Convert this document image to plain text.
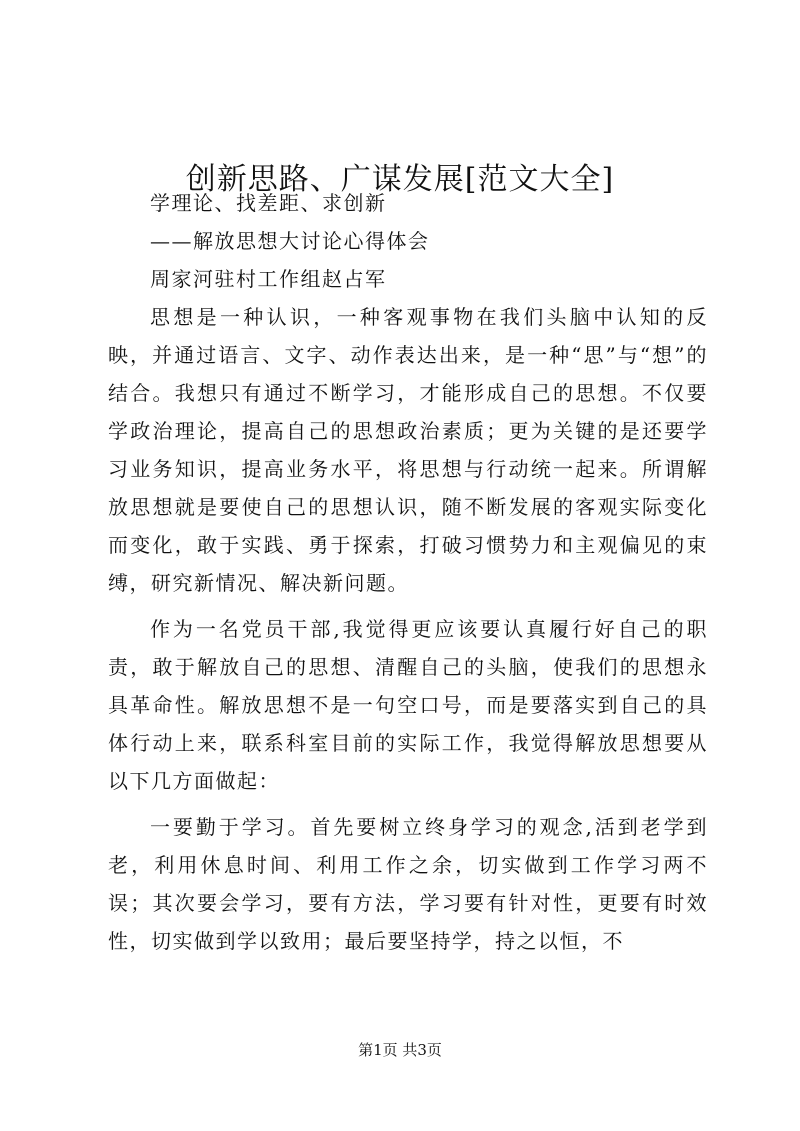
创新思路、广谋发展[范文大全]

学理论、找差距、求创新

——解放思想大讨论心得体会

周家河驻村工作组赵占军

思想是一种认识，一种客观事物在我们头脑中认知的反映，并通过语言、文字、动作表达出来，是一种“思”与“想”的结合。我想只有通过不断学习，才能形成自己的思想。不仅要学政治理论，提高自己的思想政治素质；更为关键的是还要学习业务知识，提高业务水平，将思想与行动统一起来。所谓解放思想就是要使自己的思想认识，随不断发展的客观实际变化而变化，敢于实践、勇于探索，打破习惯势力和主观偏见的束缚，研究新情况、解决新问题。

作为一名党员干部,我觉得更应该要认真履行好自己的职责，敢于解放自己的思想、清醒自己的头脑，使我们的思想永具革命性。解放思想不是一句空口号，而是要落实到自己的具体行动上来，联系科室目前的实际工作，我觉得解放思想要从以下几方面做起：

一要勤于学习。首先要树立终身学习的观念,活到老学到老，利用休息时间、利用工作之余，切实做到工作学习两不误；其次要会学习，要有方法，学习要有针对性，更要有时效性，切实做到学以致用；最后要坚持学，持之以恒，不

第1页 共3页
